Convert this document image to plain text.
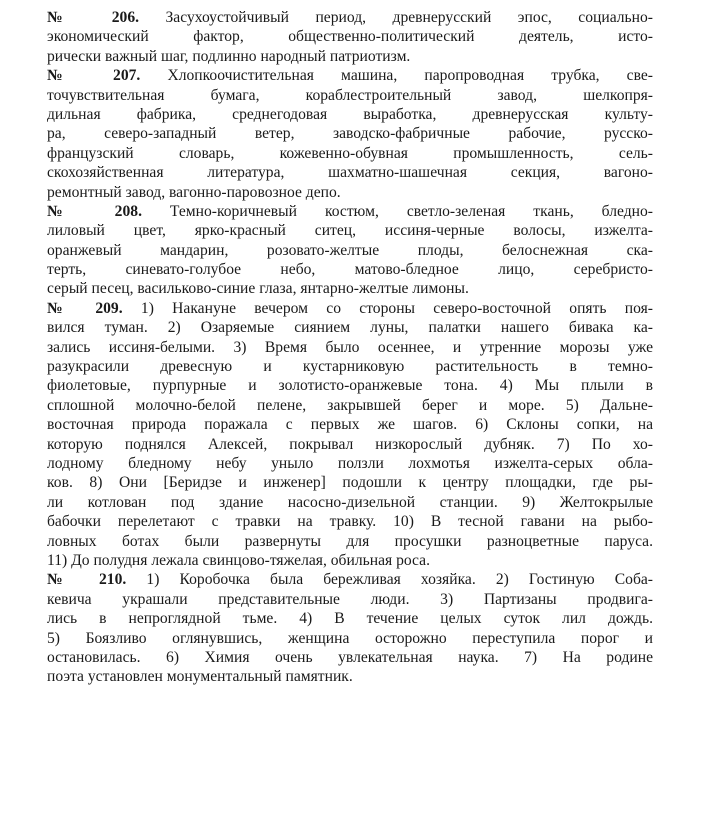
№ 206. Засухоустойчивый период, древнерусский эпос, социально-
экономический фактор, общественно-политический деятель, исто-
рически важный шаг, подлинно народный патриотизм.
№ 207. Хлопкоочистительная машина, паропроводная трубка, све-
точувствительная бумага, кораблестроительный завод, шелкопря-
дильная фабрика, среднегодовая выработка, древнерусская культу-
ра, северо-западный ветер, заводско-фабричные рабочие, русско-
французский словарь, кожевенно-обувная промышленность, сель-
скохозяйственная литература, шахматно-шашечная секция, вагоно-
ремонтный завод, вагонно-паровозное депо.
№ 208. Темно-коричневый костюм, светло-зеленая ткань, бледно-
лиловый цвет, ярко-красный ситец, иссиня-черные волосы, изжелта-
оранжевый мандарин, розовато-желтые плоды, белоснежная ска-
терть, синевато-голубое небо, матово-бледное лицо, серебристо-
серый песец, васильково-синие глаза, янтарно-желтые лимоны.
№ 209. 1) Накануне вечером со стороны северо-восточной опять поя-
вился туман. 2) Озаряемые сиянием луны, палатки нашего бивака ка-
зались иссиня-белыми. 3) Время было осеннее, и утренние морозы уже
разукрасили древесную и кустарниковую растительность в темно-
фиолетовые, пурпурные и золотисто-оранжевые тона. 4) Мы плыли в
сплошной молочно-белой пелене, закрывшей берег и море. 5) Дальне-
восточная природа поражала с первых же шагов. 6) Склоны сопки, на
которую поднялся Алексей, покрывал низкорослый дубняк. 7) По хо-
лодному бледному небу уныло ползли лохмотья изжелта-серых обла-
ков. 8) Они [Беридзе и инженер] подошли к центру площадки, где ры-
ли котлован под здание насосно-дизельной станции. 9) Желтокрылые
бабочки перелетают с травки на травку. 10) В тесной гавани на рыбо-
ловных ботах были развернуты для просушки разноцветные паруса.
11) До полудня лежала свинцово-тяжелая, обильная роса.
№ 210. 1) Коробочка была бережливая хозяйка. 2) Гостиную Соба-
кевича украшали представительные люди. 3) Партизаны продвига-
лись в непроглядной тьме. 4) В течение целых суток лил дождь.
5) Боязливо оглянувшись, женщина осторожно переступила порог и
остановилась. 6) Химия очень увлекательная наука. 7) На родине
поэта установлен монументальный памятник.
